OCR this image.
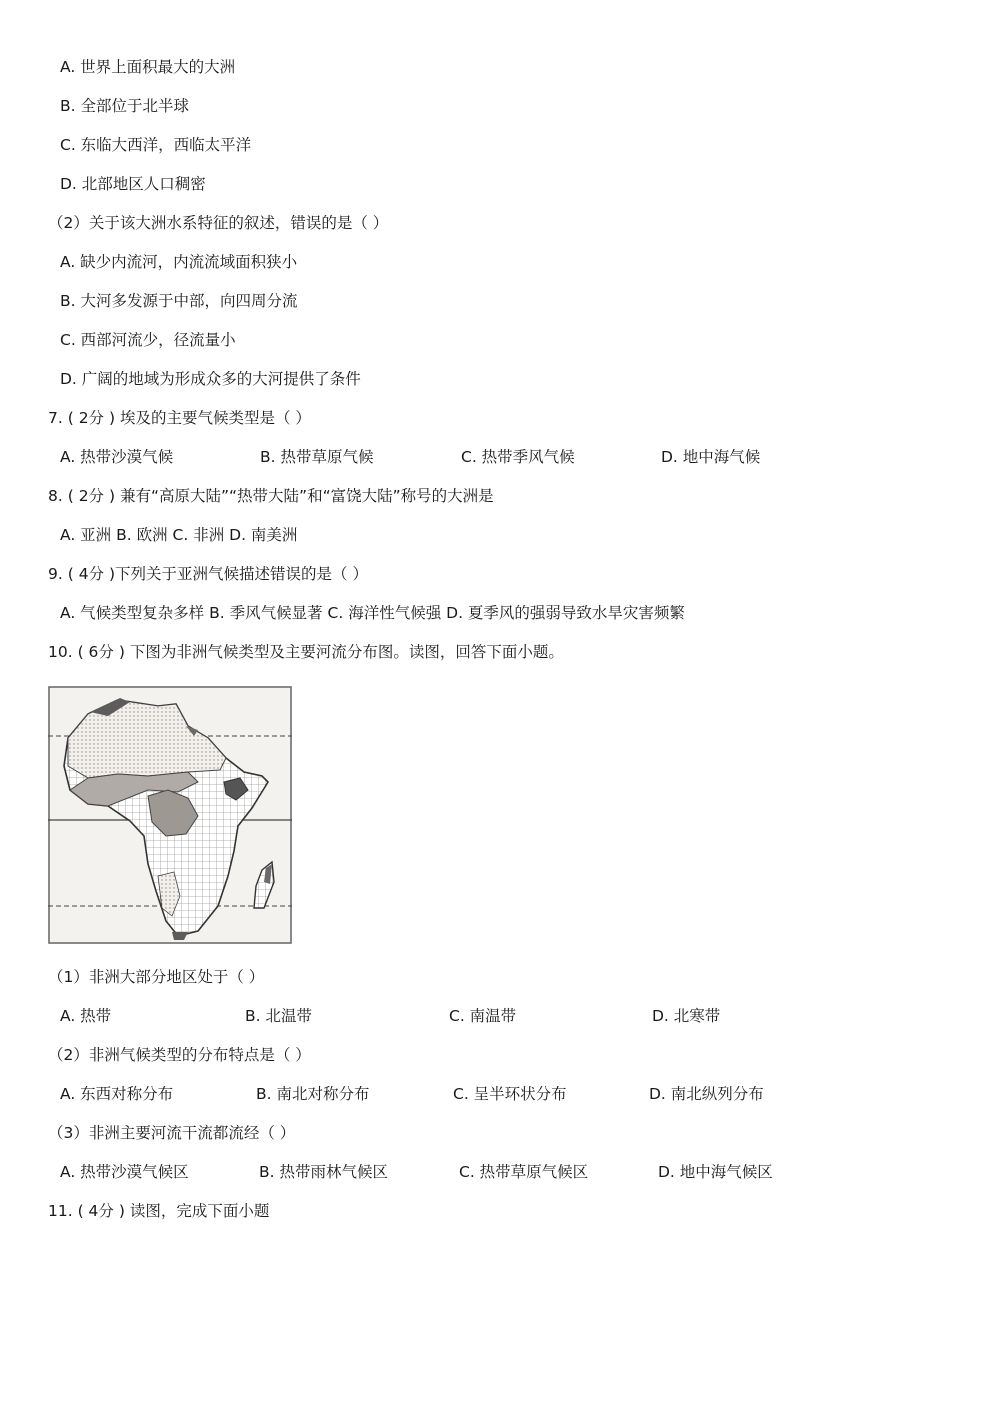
A. 世界上面积最大的大洲
B. 全部位于北半球
C. 东临大西洋，西临太平洋
D. 北部地区人口稠密
（2）关于该大洲水系特征的叙述，错误的是（ ）
A. 缺少内流河，内流流域面积狭小
B. 大河多发源于中部，向四周分流
C. 西部河流少，径流量小
D. 广阔的地域为形成众多的大河提供了条件
7. ( 2分 ) 埃及的主要气候类型是（ ）
A. 热带沙漠气候	B. 热带草原气候	C. 热带季风气候	D. 地中海气候
8. ( 2分 ) 兼有“高原大陆”“热带大陆”和“富饶大陆”称号的大洲是
A. 亚洲 B. 欧洲 C. 非洲 D. 南美洲
9. ( 4分 )下列关于亚洲气候描述错误的是（ ）
A. 气候类型复杂多样 B. 季风气候显著 C. 海洋性气候强 D. 夏季风的强弱导致水旱灾害频繁
10. ( 6分 ) 下图为非洲气候类型及主要河流分布图。读图，回答下面小题。
（1）非洲大部分地区处于（ ）
A. 热带	B. 北温带	C. 南温带	D. 北寒带
（2）非洲气候类型的分布特点是（ ）
A. 东西对称分布	B. 南北对称分布	C. 呈半环状分布	D. 南北纵列分布
（3）非洲主要河流干流都流经（ ）
A. 热带沙漠气候区	B. 热带雨林气候区	C. 热带草原气候区	D. 地中海气候区
11. ( 4分 ) 读图，完成下面小题
